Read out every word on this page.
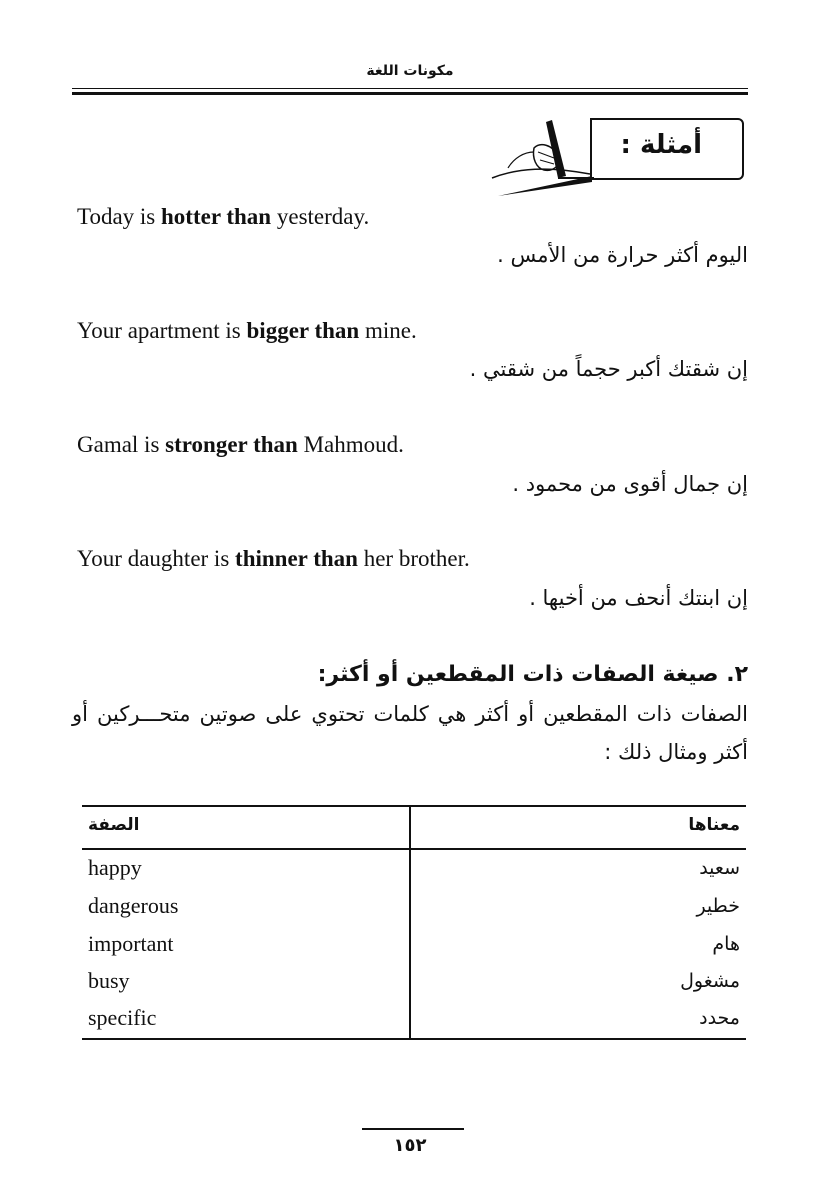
مكونات اللغة
أمثلة :
Today is hotter than yesterday.
اليوم أكثر حرارة من الأمس .
Your apartment is bigger than mine.
إن شقتك أكبر حجماً من شقتي .
Gamal is stronger than Mahmoud.
إن جمال أقوى من محمود .
Your daughter is thinner than her brother.
إن ابنتك أنحف من أخيها .
٢. صيغة الصفات ذات المقطعين أو أكثر:
الصفات ذات المقطعين أو أكثر هي كلمات تحتوي على صوتين متحـــركين أو
أكثر ومثال ذلك :
الصفة	معناها
happy	سعيد
dangerous	خطير
important	هام
busy	مشغول
specific	محدد
١٥٢
